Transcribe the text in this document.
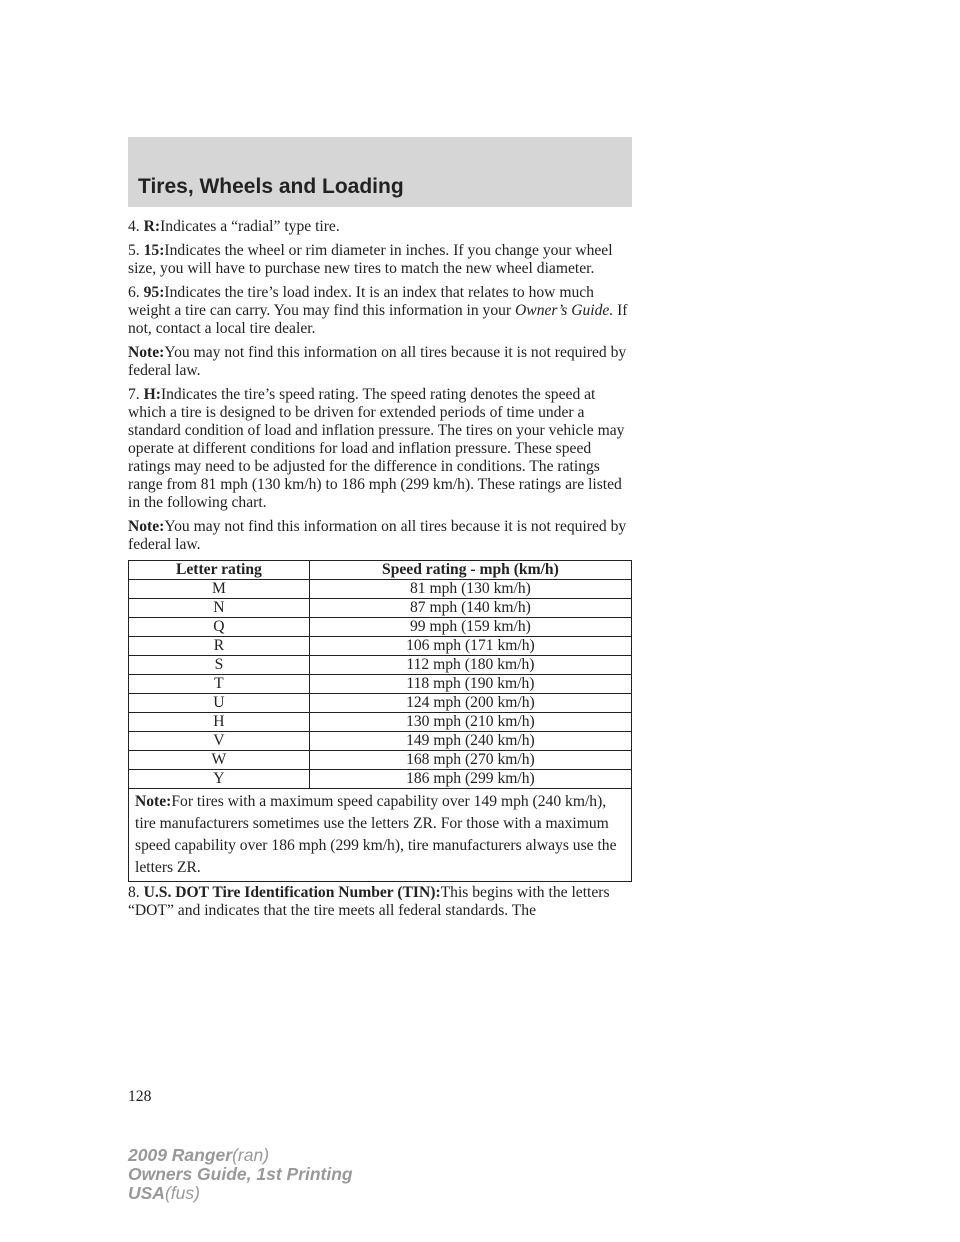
Tires, Wheels and Loading

4. R:Indicates a “radial” type tire.

5. 15:Indicates the wheel or rim diameter in inches. If you change your wheel size, you will have to purchase new tires to match the new wheel diameter.

6. 95:Indicates the tire’s load index. It is an index that relates to how much weight a tire can carry. You may find this information in your Owner’s Guide. If not, contact a local tire dealer.

Note:You may not find this information on all tires because it is not required by federal law.

7. H:Indicates the tire’s speed rating. The speed rating denotes the speed at which a tire is designed to be driven for extended periods of time under a standard condition of load and inflation pressure. The tires on your vehicle may operate at different conditions for load and inflation pressure. These speed ratings may need to be adjusted for the difference in conditions. The ratings range from 81 mph (130 km/h) to 186 mph (299 km/h). These ratings are listed in the following chart.

Note:You may not find this information on all tires because it is not required by federal law.

Letter rating	Speed rating - mph (km/h)
M	81 mph (130 km/h)
N	87 mph (140 km/h)
Q	99 mph (159 km/h)
R	106 mph (171 km/h)
S	112 mph (180 km/h)
T	118 mph (190 km/h)
U	124 mph (200 km/h)
H	130 mph (210 km/h)
V	149 mph (240 km/h)
W	168 mph (270 km/h)
Y	186 mph (299 km/h)
Note:For tires with a maximum speed capability over 149 mph (240 km/h), tire manufacturers sometimes use the letters ZR. For those with a maximum speed capability over 186 mph (299 km/h), tire manufacturers always use the letters ZR.	

8. U.S. DOT Tire Identification Number (TIN):This begins with the letters “DOT” and indicates that the tire meets all federal standards. The

128
2009 Ranger(ran)
Owners Guide, 1st Printing
USA(fus)
